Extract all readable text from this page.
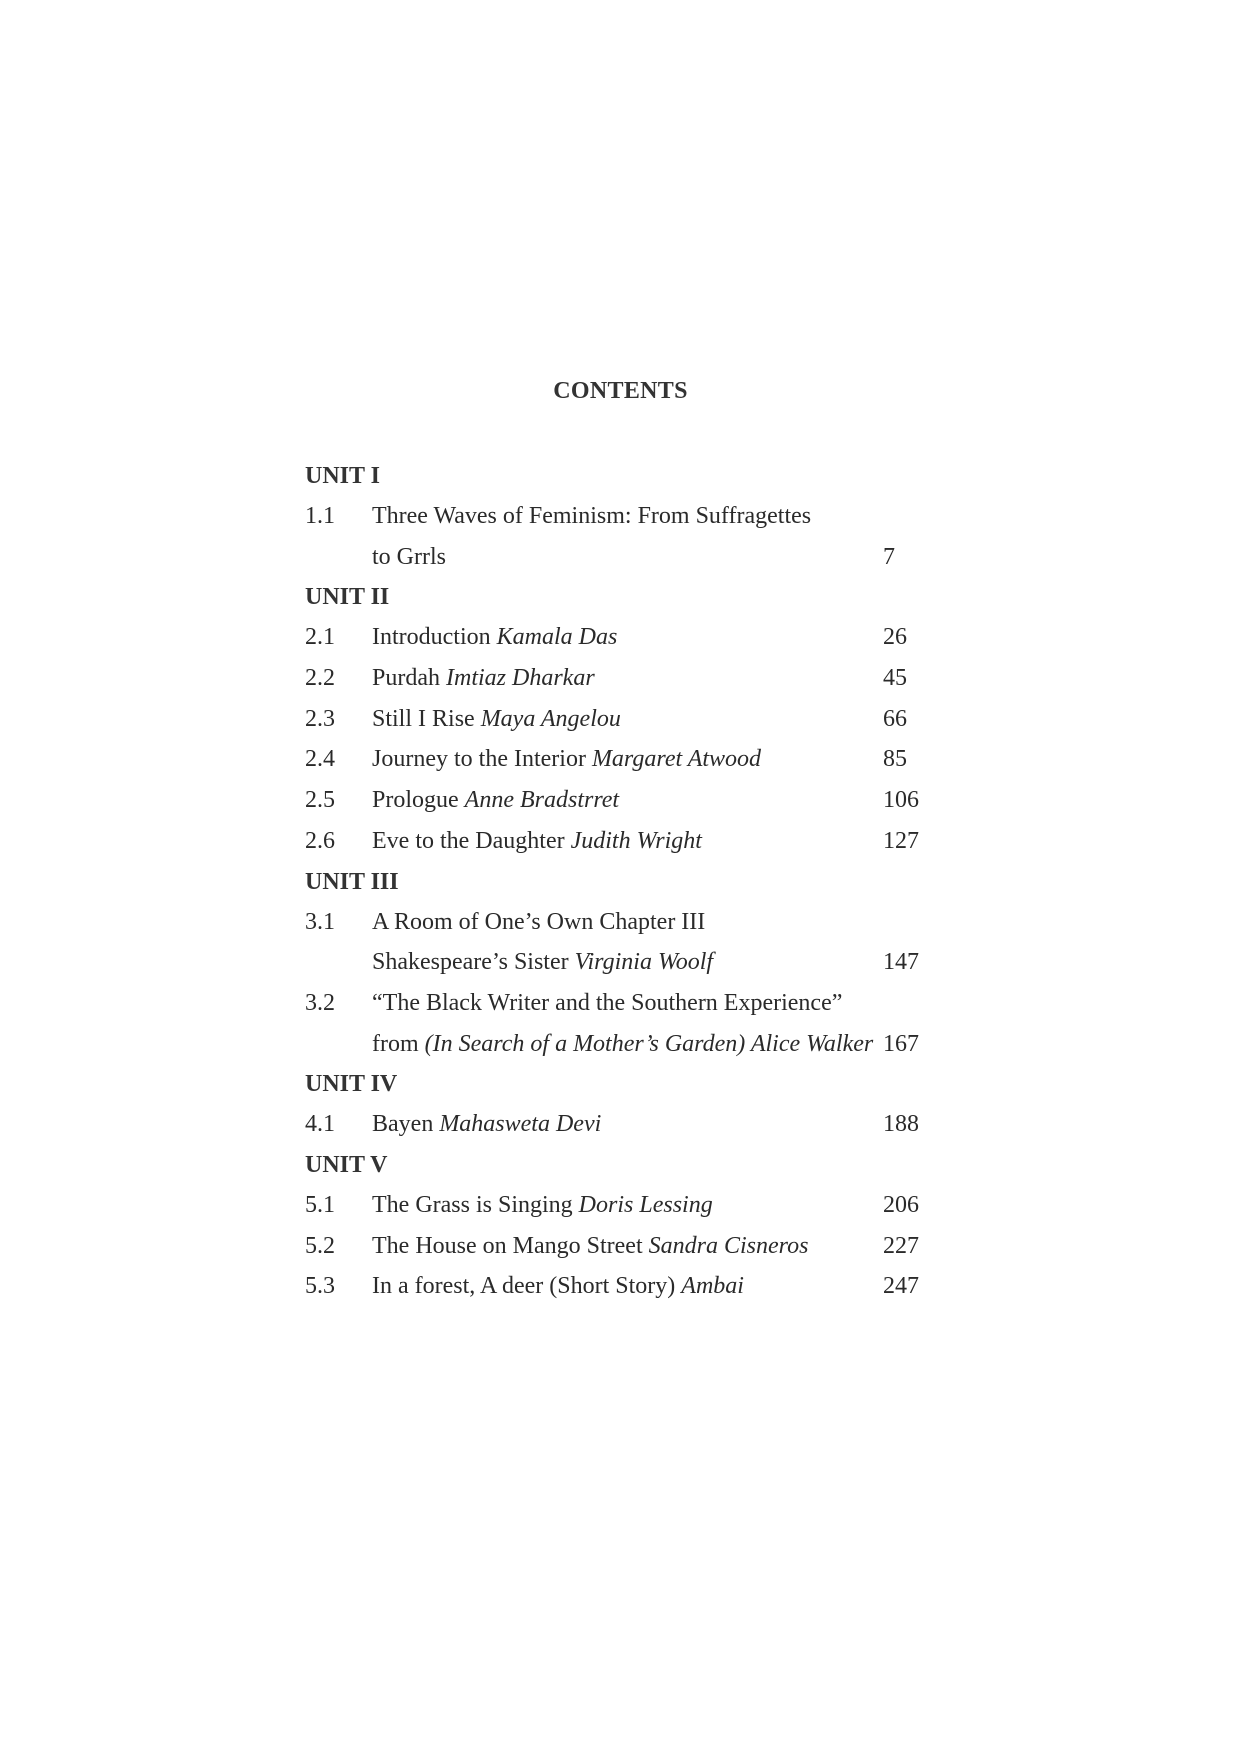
CONTENTS
UNIT I
1.1 Three Waves of Feminism: From Suffragettes
to Grrls	7
UNIT II
2.1 Introduction Kamala Das	26
2.2 Purdah Imtiaz Dharkar	45
2.3 Still I Rise Maya Angelou	66
2.4 Journey to the Interior Margaret Atwood	85
2.5 Prologue Anne Bradstrret	106
2.6 Eve to the Daughter Judith Wright	127
UNIT III
3.1 A Room of One’s Own Chapter III
Shakespeare’s Sister Virginia Woolf	147
3.2 “The Black Writer and the Southern Experience”
from (In Search of a Mother’s Garden) Alice Walker 167
UNIT IV
4.1 Bayen Mahasweta Devi	188
UNIT V
5.1 The Grass is Singing Doris Lessing	206
5.2 The House on Mango Street Sandra Cisneros	227
5.3 In a forest, A deer (Short Story) Ambai	247
